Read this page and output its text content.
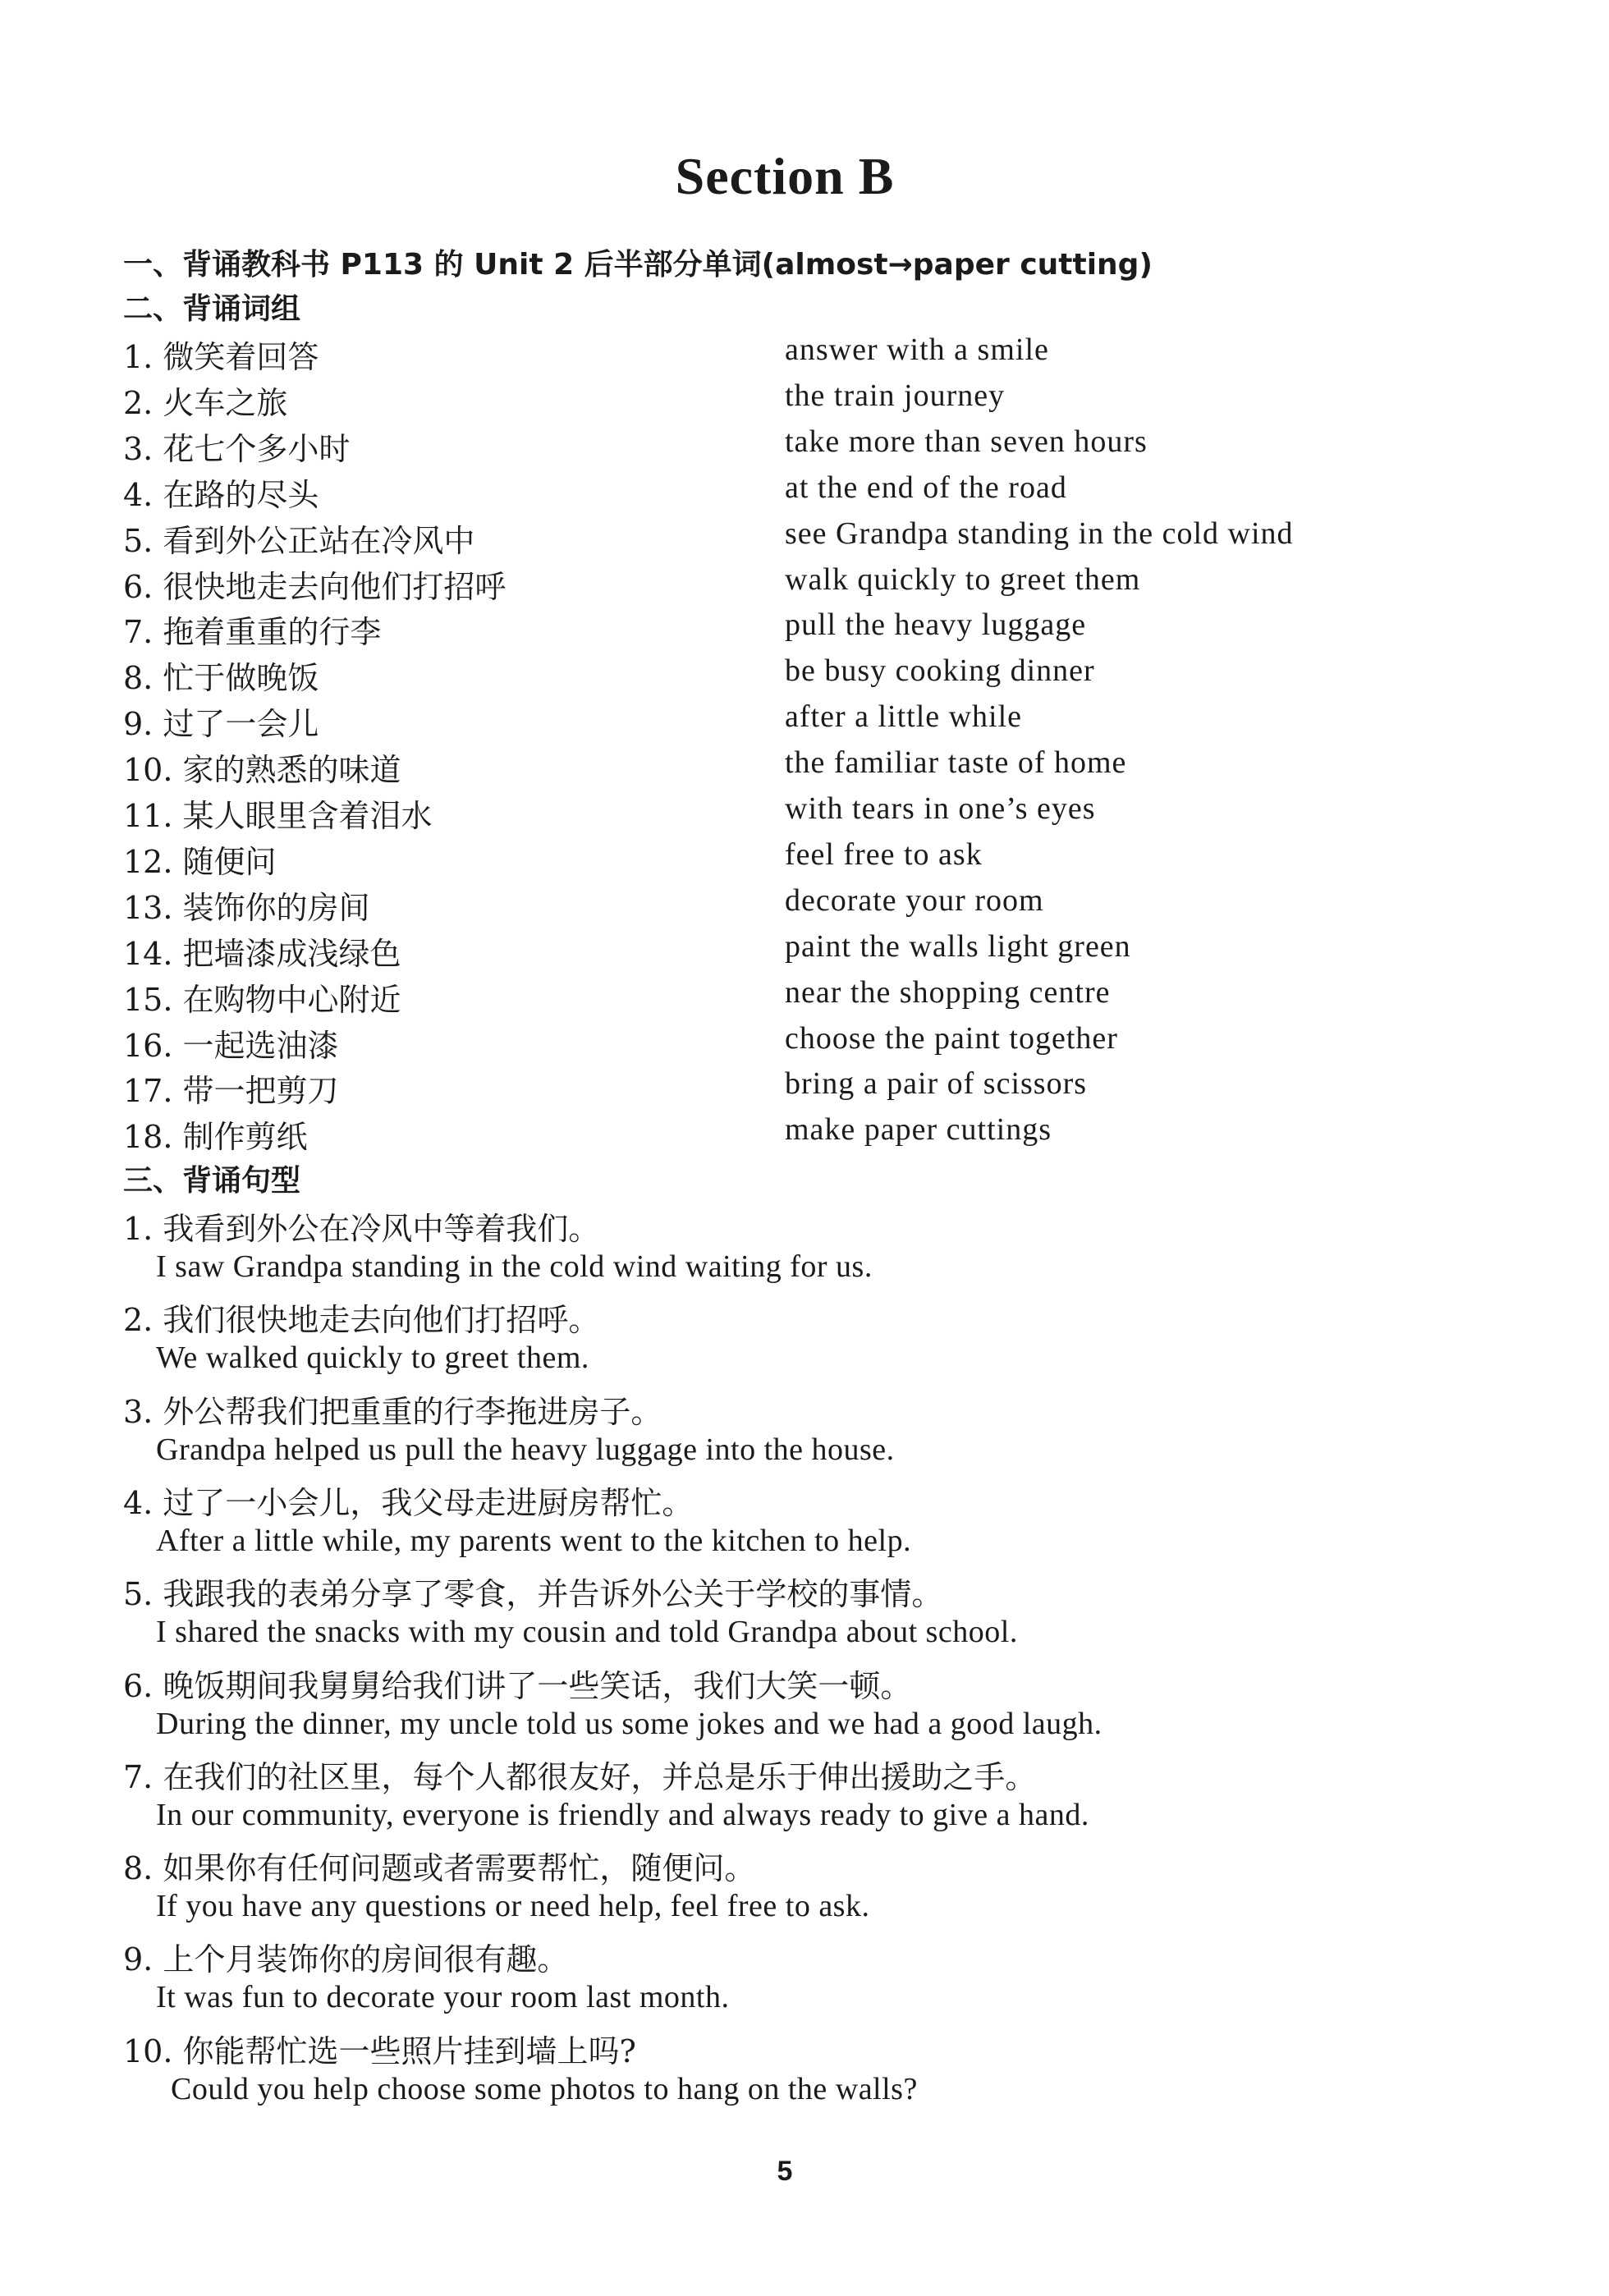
Section B
一、背诵教科书 P113 的 Unit 2 后半部分单词(almost→paper cutting)
二、背诵词组
1. 微笑着回答	answer with a smile
2. 火车之旅	the train journey
3. 花七个多小时	take more than seven hours
4. 在路的尽头	at the end of the road
5. 看到外公正站在冷风中	see Grandpa standing in the cold wind
6. 很快地走去向他们打招呼	walk quickly to greet them
7. 拖着重重的行李	pull the heavy luggage
8. 忙于做晚饭	be busy cooking dinner
9. 过了一会儿	after a little while
10. 家的熟悉的味道	the familiar taste of home
11. 某人眼里含着泪水	with tears in one’s eyes
12. 随便问	feel free to ask
13. 装饰你的房间	decorate your room
14. 把墙漆成浅绿色	paint the walls light green
15. 在购物中心附近	near the shopping centre
16. 一起选油漆	choose the paint together
17. 带一把剪刀	bring a pair of scissors
18. 制作剪纸	make paper cuttings
三、背诵句型
1. 我看到外公在冷风中等着我们。
I saw Grandpa standing in the cold wind waiting for us.
2. 我们很快地走去向他们打招呼。
We walked quickly to greet them.
3. 外公帮我们把重重的行李拖进房子。
Grandpa helped us pull the heavy luggage into the house.
4. 过了一小会儿，我父母走进厨房帮忙。
After a little while, my parents went to the kitchen to help.
5. 我跟我的表弟分享了零食，并告诉外公关于学校的事情。
I shared the snacks with my cousin and told Grandpa about school.
6. 晚饭期间我舅舅给我们讲了一些笑话，我们大笑一顿。
During the dinner, my uncle told us some jokes and we had a good laugh.
7. 在我们的社区里，每个人都很友好，并总是乐于伸出援助之手。
In our community, everyone is friendly and always ready to give a hand.
8. 如果你有任何问题或者需要帮忙，随便问。
If you have any questions or need help, feel free to ask.
9. 上个月装饰你的房间很有趣。
It was fun to decorate your room last month.
10. 你能帮忙选一些照片挂到墙上吗?
Could you help choose some photos to hang on the walls?
5
